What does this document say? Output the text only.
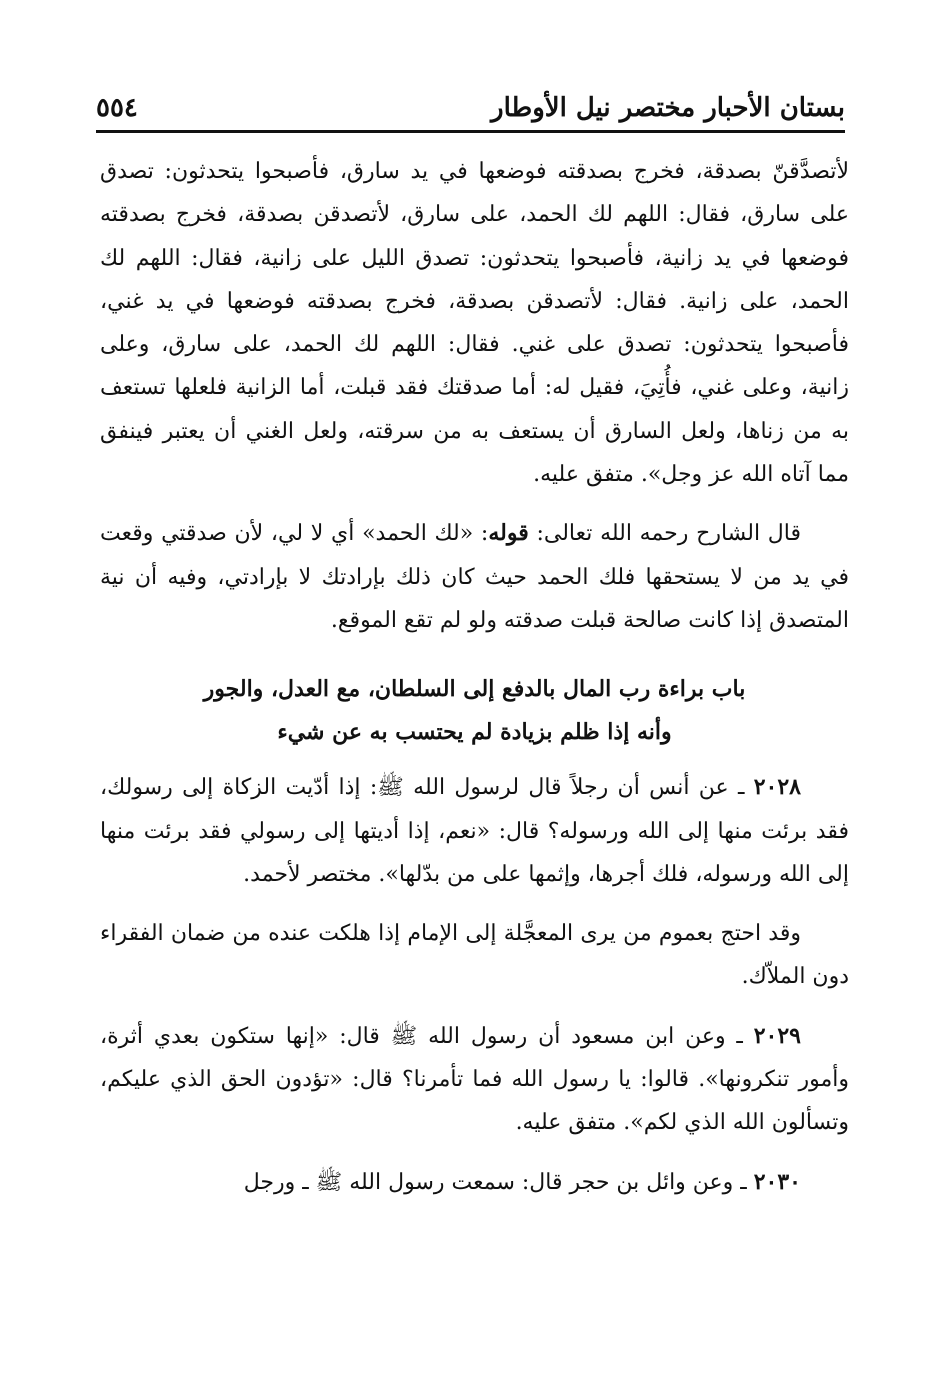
بستان الأحبار مختصر نيل الأوطار
٥٥٤

لأتصدَّقنّ بصدقة، فخرج بصدقته فوضعها في يد سارق، فأصبحوا يتحدثون: تصدق على سارق، فقال: اللهم لك الحمد، على سارق، لأتصدقن بصدقة، فخرج بصدقته فوضعها في يد زانية، فأصبحوا يتحدثون: تصدق الليل على زانية، فقال: اللهم لك الحمد، على زانية. فقال: لأتصدقن بصدقة، فخرج بصدقته فوضعها في يد غني، فأصبحوا يتحدثون: تصدق على غني. فقال: اللهم لك الحمد، على سارق، وعلى زانية، وعلى غني، فأُتِيَ، فقيل له: أما صدقتك فقد قبلت، أما الزانية فلعلها تستعف به من زناها، ولعل السارق أن يستعف به من سرقته، ولعل الغني أن يعتبر فينفق مما آتاه الله عز وجل». متفق عليه.

قال الشارح رحمه الله تعالى: قوله: «لك الحمد» أي لا لي، لأن صدقتي وقعت في يد من لا يستحقها فلك الحمد حيث كان ذلك بإرادتك لا بإرادتي، وفيه أن نية المتصدق إذا كانت صالحة قبلت صدقته ولو لم تقع الموقع.

باب براءة رب المال بالدفع إلى السلطان، مع العدل، والجور
وأنه إذا ظلم بزيادة لم يحتسب به عن شيء

٢٠٢٨ ـ عن أنس أن رجلاً قال لرسول الله ﷺ: إذا أدّيت الزكاة إلى رسولك، فقد برئت منها إلى الله ورسوله؟ قال: «نعم، إذا أديتها إلى رسولي فقد برئت منها إلى الله ورسوله، فلك أجرها، وإثمها على من بدّلها». مختصر لأحمد.

وقد احتج بعموم من يرى المعجَّلة إلى الإمام إذا هلكت عنده من ضمان الفقراء دون الملاّك.

٢٠٢٩ ـ وعن ابن مسعود أن رسول الله ﷺ قال: «إنها ستكون بعدي أثرة، وأمور تنكرونها». قالوا: يا رسول الله فما تأمرنا؟ قال: «تؤدون الحق الذي عليكم، وتسألون الله الذي لكم». متفق عليه.

٢٠٣٠ ـ وعن وائل بن حجر قال: سمعت رسول الله ﷺ ـ ورجل
